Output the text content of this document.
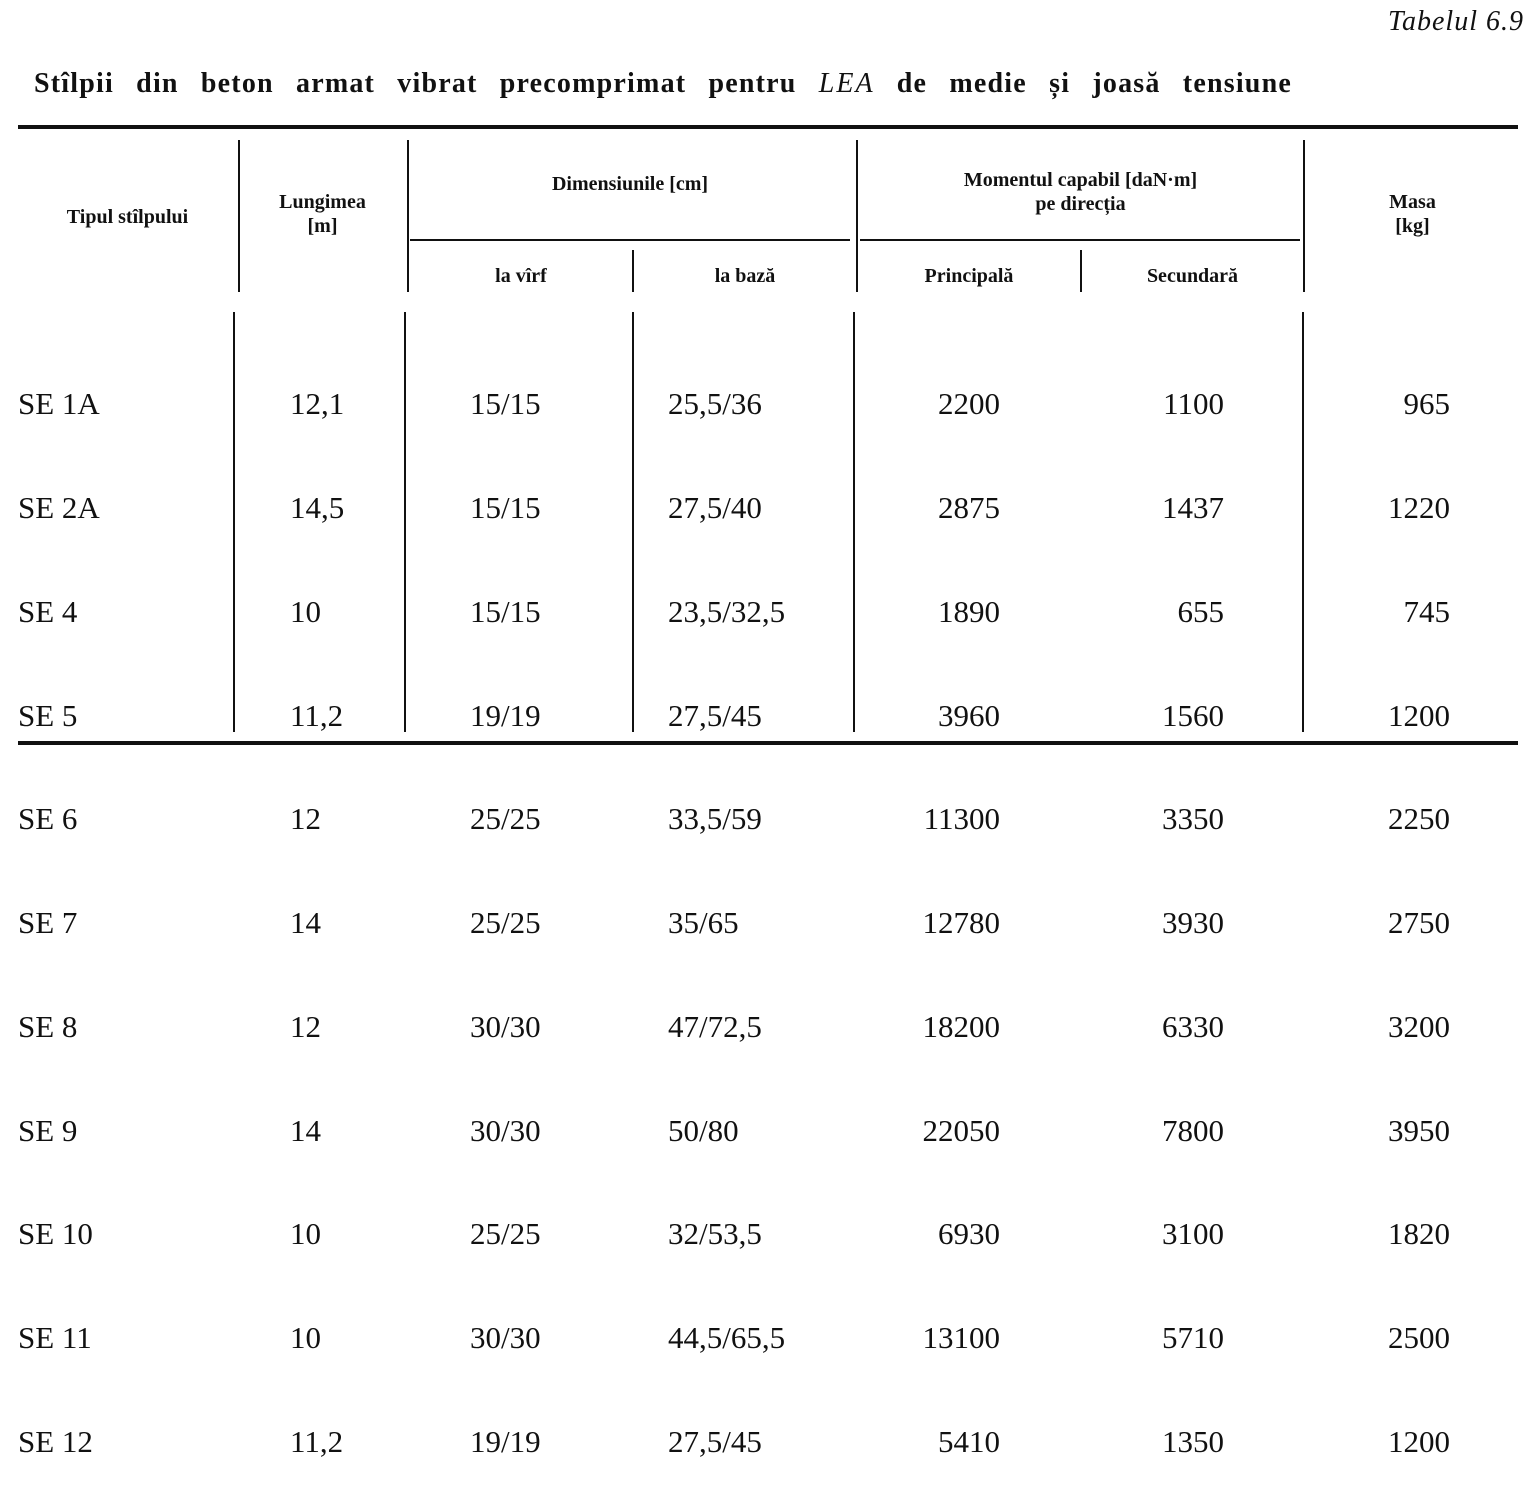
Tabelul 6.9
Stîlpii din beton armat vibrat precomprimat pentru LEA de medie și joasă tensiune
Tipul stîlpului
Lungimea
[m]
Dimensiunile [cm]
la vîrf	la bază
Momentul capabil [daN·m]
pe direcția
Principală	Secundară
Masa
[kg]

SE 1A

SE 2A

SE 4

SE 5

SE 6

SE 7

SE 8

SE 9

SE 10

SE 11

SE 12

12,1

14,5

10

11,2

12

14

12

14

10

10

11,2

15/15

15/15

15/15

19/19

25/25

25/25

30/30

30/30

25/25

30/30

19/19

25,5/36

27,5/40

23,5/32,5

27,5/45

33,5/59

35/65

47/72,5

50/80

32/53,5

44,5/65,5

27,5/45

2200

2875

1890

3960

11300

12780

18200

22050

6930

13100

5410

1100

1437

655

1560

3350

3930

6330

7800

3100

5710

1350

965

1220

745

1200

2250

2750

3200

3950

1820

2500

1200
